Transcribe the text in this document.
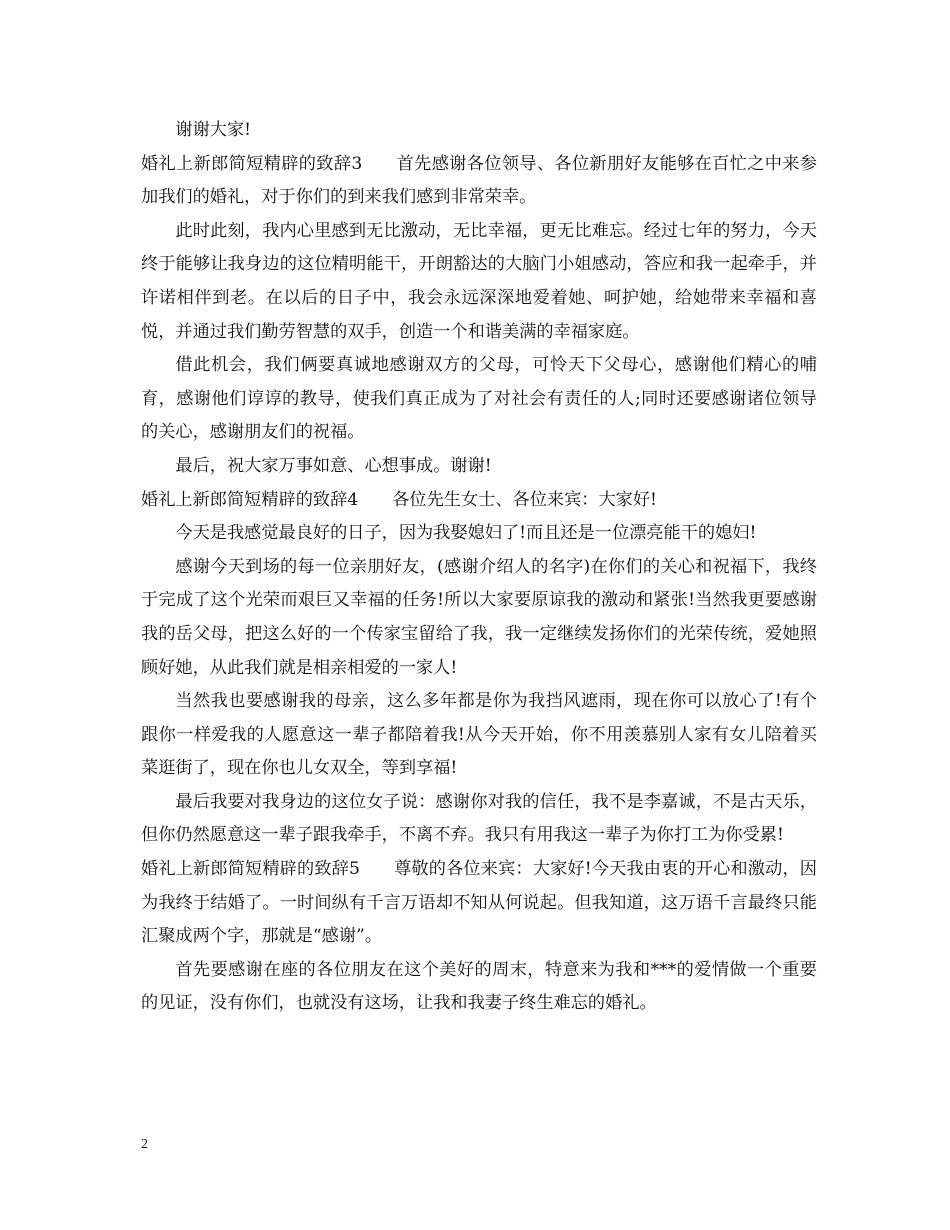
谢谢大家!

婚礼上新郎简短精辟的致辞3 首先感谢各位领导、各位新朋好友能够在百忙之中来参加我们的婚礼，对于你们的到来我们感到非常荣幸。

此时此刻，我内心里感到无比激动，无比幸福，更无比难忘。经过七年的努力，今天终于能够让我身边的这位精明能干，开朗豁达的大脑门小姐感动，答应和我一起牵手，并许诺相伴到老。在以后的日子中，我会永远深深地爱着她、呵护她，给她带来幸福和喜悦，并通过我们勤劳智慧的双手，创造一个和谐美满的幸福家庭。

借此机会，我们俩要真诚地感谢双方的父母，可怜天下父母心，感谢他们精心的哺育，感谢他们谆谆的教导，使我们真正成为了对社会有责任的人;同时还要感谢诸位领导的关心，感谢朋友们的祝福。

最后，祝大家万事如意、心想事成。谢谢!

婚礼上新郎简短精辟的致辞4 各位先生女士、各位来宾：大家好!

今天是我感觉最良好的日子，因为我娶媳妇了!而且还是一位漂亮能干的媳妇!

感谢今天到场的每一位亲朋好友，(感谢介绍人的名字)在你们的关心和祝福下，我终于完成了这个光荣而艰巨又幸福的任务!所以大家要原谅我的激动和紧张!当然我更要感谢我的岳父母，把这么好的一个传家宝留给了我，我一定继续发扬你们的光荣传统，爱她照顾好她，从此我们就是相亲相爱的一家人!

当然我也要感谢我的母亲，这么多年都是你为我挡风遮雨，现在你可以放心了!有个跟你一样爱我的人愿意这一辈子都陪着我!从今天开始，你不用羡慕别人家有女儿陪着买菜逛街了，现在你也儿女双全，等到享福!

最后我要对我身边的这位女子说：感谢你对我的信任，我不是李嘉诚，不是古天乐，但你仍然愿意这一辈子跟我牵手，不离不弃。我只有用我这一辈子为你打工为你受累!

婚礼上新郎简短精辟的致辞5 尊敬的各位来宾：大家好!今天我由衷的开心和激动，因为我终于结婚了。一时间纵有千言万语却不知从何说起。但我知道，这万语千言最终只能汇聚成两个字，那就是“感谢”。

首先要感谢在座的各位朋友在这个美好的周末，特意来为我和***的爱情做一个重要的见证，没有你们，也就没有这场，让我和我妻子终生难忘的婚礼。

2
